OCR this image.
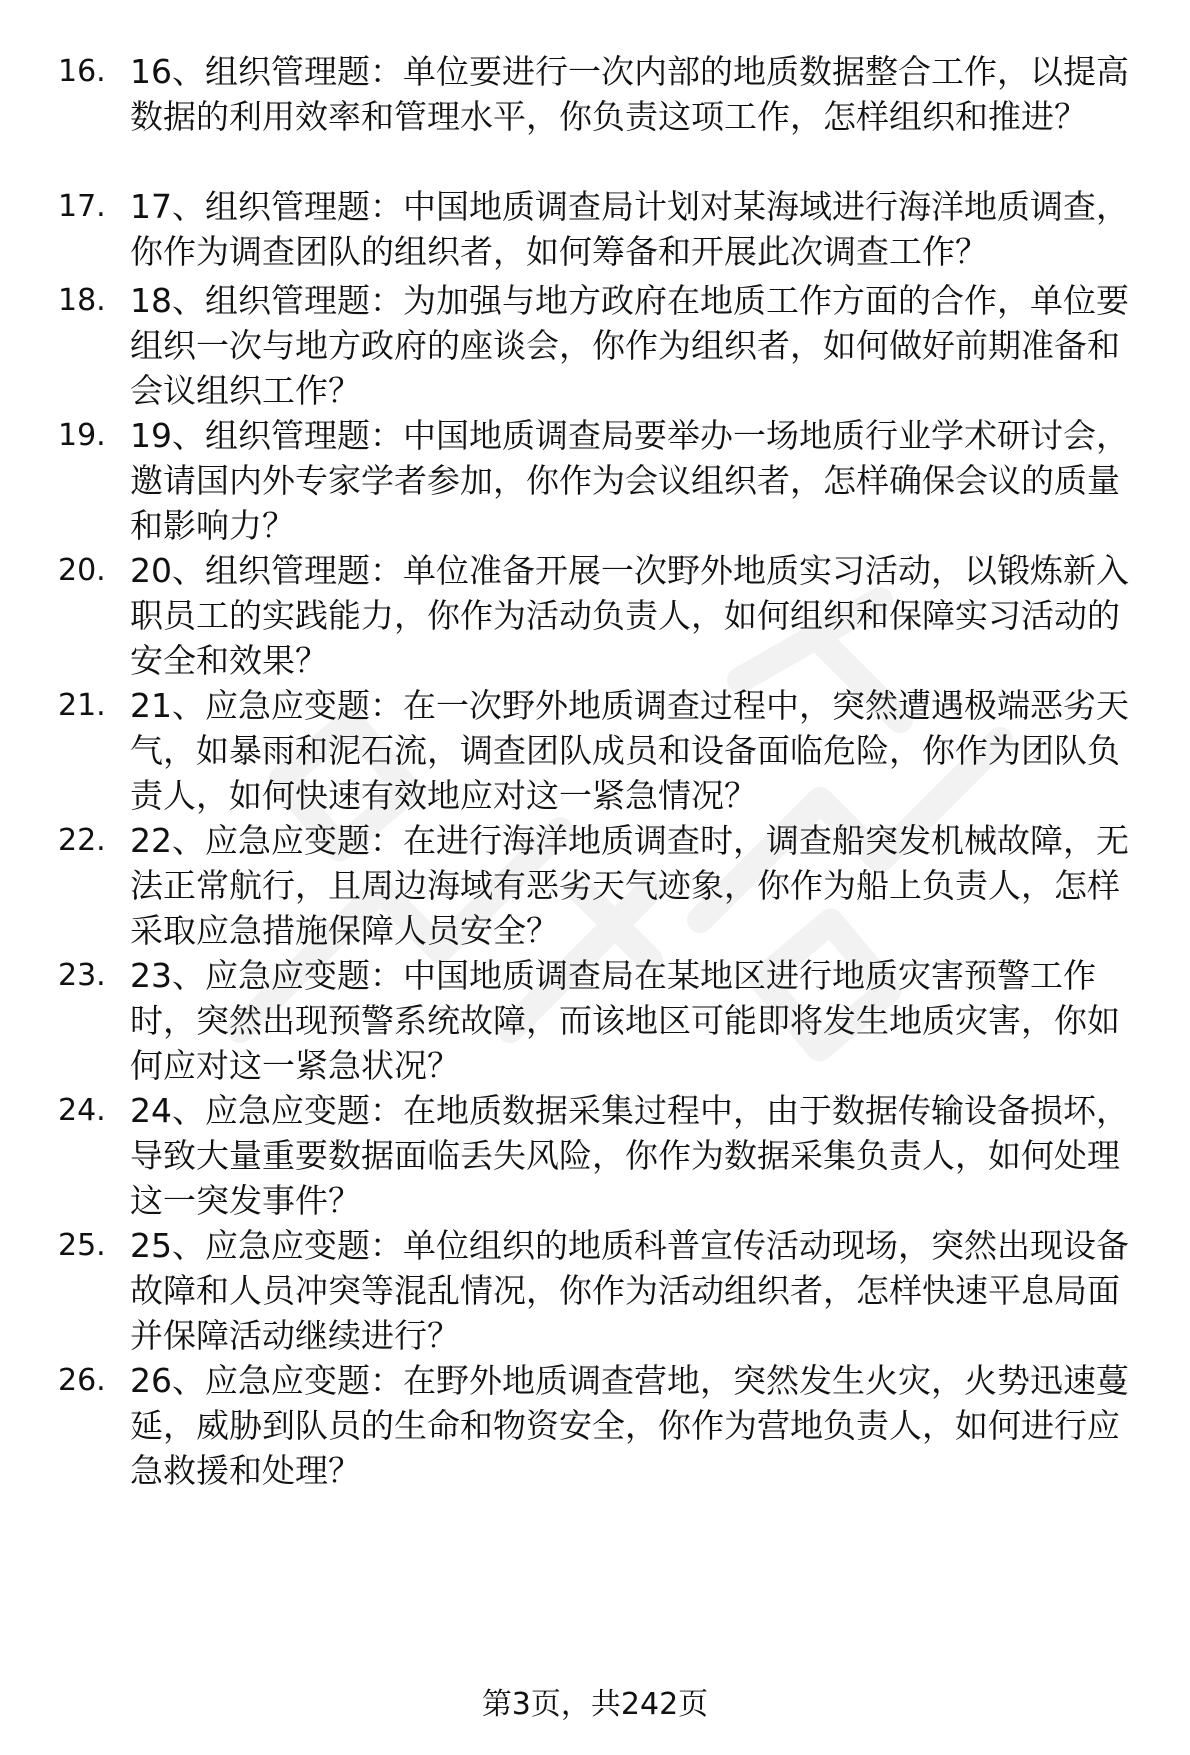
16. 16、组织管理题：单位要进行一次内部的地质数据整合工作，以提高数据的利用效率和管理水平，你负责这项工作，怎样组织和推进？
17. 17、组织管理题：中国地质调查局计划对某海域进行海洋地质调查，你作为调查团队的组织者，如何筹备和开展此次调查工作？
18. 18、组织管理题：为加强与地方政府在地质工作方面的合作，单位要组织一次与地方政府的座谈会，你作为组织者，如何做好前期准备和会议组织工作？
19. 19、组织管理题：中国地质调查局要举办一场地质行业学术研讨会，邀请国内外专家学者参加，你作为会议组织者，怎样确保会议的质量和影响力？
20. 20、组织管理题：单位准备开展一次野外地质实习活动，以锻炼新入职员工的实践能力，你作为活动负责人，如何组织和保障实习活动的安全和效果？
21. 21、应急应变题：在一次野外地质调查过程中，突然遭遇极端恶劣天气，如暴雨和泥石流，调查团队成员和设备面临危险，你作为团队负责人，如何快速有效地应对这一紧急情况？
22. 22、应急应变题：在进行海洋地质调查时，调查船突发机械故障，无法正常航行，且周边海域有恶劣天气迹象，你作为船上负责人，怎样采取应急措施保障人员安全？
23. 23、应急应变题：中国地质调查局在某地区进行地质灾害预警工作时，突然出现预警系统故障，而该地区可能即将发生地质灾害，你如何应对这一紧急状况？
24. 24、应急应变题：在地质数据采集过程中，由于数据传输设备损坏，导致大量重要数据面临丢失风险，你作为数据采集负责人，如何处理这一突发事件？
25. 25、应急应变题：单位组织的地质科普宣传活动现场，突然出现设备故障和人员冲突等混乱情况，你作为活动组织者，怎样快速平息局面并保障活动继续进行？
26. 26、应急应变题：在野外地质调查营地，突然发生火灾，火势迅速蔓延，威胁到队员的生命和物资安全，你作为营地负责人，如何进行应急救援和处理？
第3页，共242页
